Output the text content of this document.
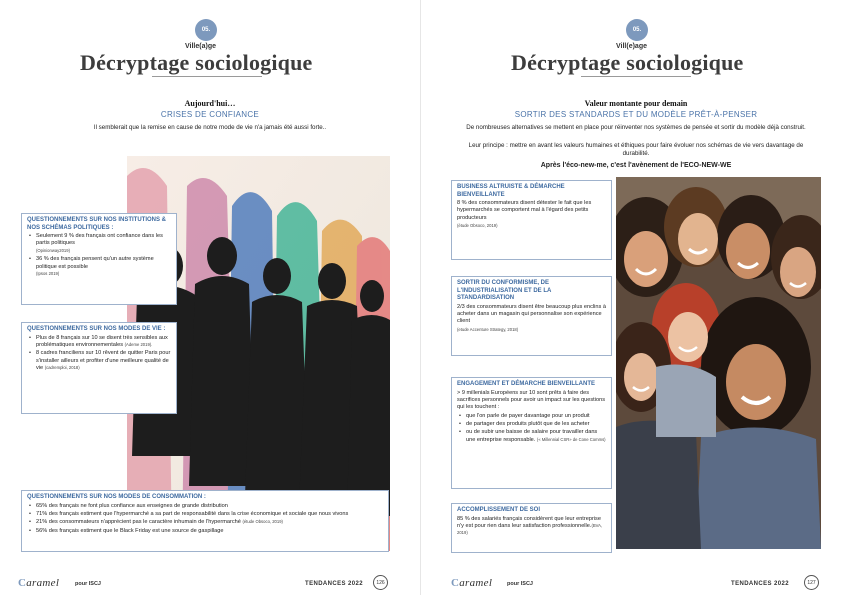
05.
Ville(a)ge
Décryptage sociologique
Aujourd'hui…
CRISES DE CONFIANCE
Il semblerait que la remise en cause de notre mode de vie n'a jamais été aussi forte..
QUESTIONNEMENTS SUR NOS INSTITUTIONS & NOS SCHÉMAS POLITIQUES :
• Seulement 9 % des français ont confiance dans les partis politiques
(Opinionway2019)
• 36 % des français pensent qu'un autre système politique est possible
(Ipsos 2019)
QUESTIONNEMENTS SUR NOS MODES DE VIE :
• Plus de 8 français sur 10 se disent très sensibles aux problématiques environnementales (Ademe 2019).
• 8 cadres franciliens sur 10 rêvent de quitter Paris pour s'installer ailleurs et profiter d'une meilleure qualité de vie (cadremploi, 2018)
QUESTIONNEMENTS SUR NOS MODES DE CONSOMMATION :
• 65% des français ne font plus confiance aux enseignes de grande distribution
• 71% des français estiment que l'hypermarché a sa part de responsabilité dans la crise économique et sociale que nous vivons
• 21% des consommateurs n'apprécient pas le caractère inhumain de l'hypermarché (étude Obsoco, 2019)
• 56% des français estiment que le Black Friday est une source de gaspillage
Caramel	pour ISCJ	TENDANCES 2022	126
05.
Vill(e)age
Décryptage sociologique
Valeur montante pour demain
SORTIR DES STANDARDS ET DU MODÈLE PRÊT-À-PENSER
De nombreuses alternatives se mettent en place pour réinventer nos systèmes de pensée et sortir du modèle déjà construit.
Leur principe : mettre en avant les valeurs humaines et éthiques pour faire évoluer nos schémas de vie vers davantage de durabilité.
Après l'éco-new-me, c'est l'avènement de l'ECO-NEW-WE
BUSINESS ALTRUISTE & DÉMARCHE BIENVEILLANTE

8 % des consommateurs disent détester le fait que les hypermarchés se comportent mal à l'égard des petits producteurs

(étude Obsoco, 2019)

SORTIR DU CONFORMISME, DE L'INDUSTRIALISATION ET DE LA STANDARDISATION

2/3 des consommateurs disent être beaucoup plus enclins à acheter dans un magasin qui personnalise son expérience client

(etude Accenture Strategy, 2018)

ENGAGEMENT ET DÉMARCHE BIENVEILLANTE

> 9 millenials Européens sur 10 sont prêts à faire des sacrifices personnels pour avoir un impact sur les questions qui les touchent :

• que l'on parle de payer davantage pour un produit
• de partager des produits plutôt que de les acheter
• ou de subir une baisse de salaire pour travailler dans une entreprise responsable. (« Millennial CSR» de Cone Comms)
ACCOMPLISSEMENT DE SOI

85 % des salariés français considèrent que leur entreprise n'y est pour rien dans leur satisfaction professionnelle.(BVA, 2019)

Caramel	pour ISCJ	TENDANCES 2022	127
